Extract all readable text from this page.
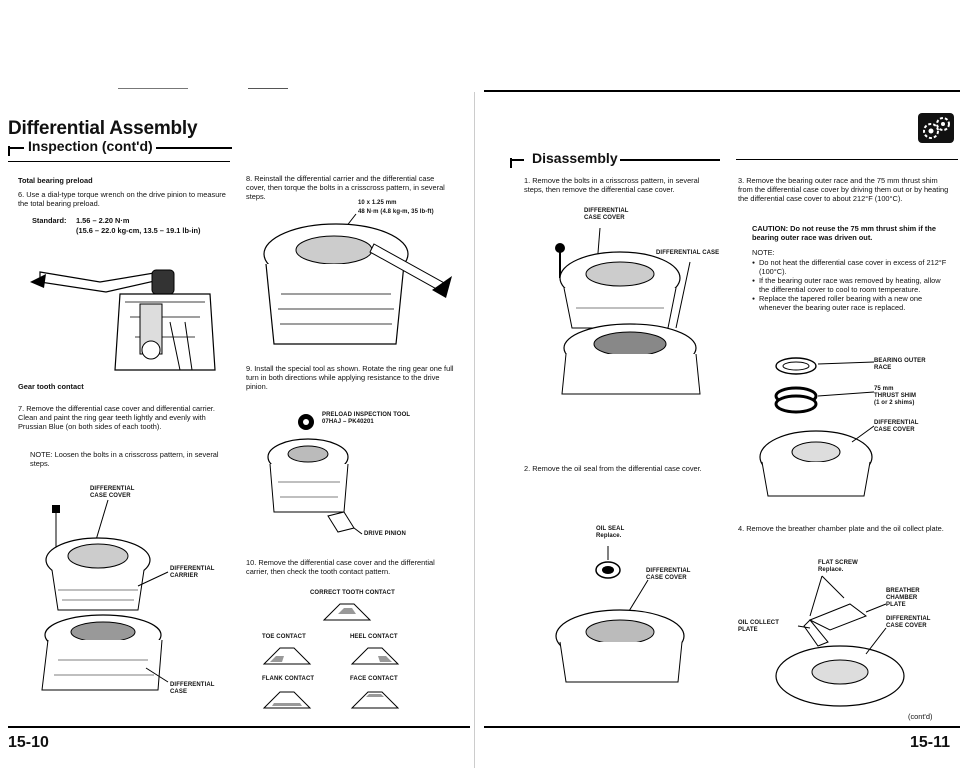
Differential Assembly
Inspection (cont'd)
Total bearing preload
6. Use a dial-type torque wrench on the drive pinion to measure the total bearing preload.
Standard: 1.56 – 2.20 N·m
(15.6 – 22.0 kg-cm, 13.5 – 19.1 lb-in)
Gear tooth contact
7. Remove the differential case cover and differential carrier. Clean and paint the ring gear teeth lightly and evenly with Prussian Blue (on both sides of each tooth).
NOTE: Loosen the bolts in a crisscross pattern, in several steps.
DIFFERENTIAL
CASE COVER
DIFFERENTIAL
CARRIER
DIFFERENTIAL
CASE
8. Reinstall the differential carrier and the differential case cover, then torque the bolts in a crisscross pattern, in several steps.
10 x 1.25 mm
48 N·m (4.8 kg-m, 35 lb-ft)
9. Install the special tool as shown. Rotate the ring gear one full turn in both directions while applying resistance to the drive pinion.
PRELOAD INSPECTION TOOL
07HAJ – PK40201
DRIVE PINION
10. Remove the differential case cover and the differential carrier, then check the tooth contact pattern.
CORRECT TOOTH CONTACT
TOE CONTACT	HEEL CONTACT
FLANK CONTACT	FACE CONTACT
15-10
Disassembly
1. Remove the bolts in a crisscross pattern, in several steps, then remove the differential case cover.
DIFFERENTIAL
CASE COVER
DIFFERENTIAL CASE
2. Remove the oil seal from the differential case cover.
OIL SEAL
Replace.
DIFFERENTIAL
CASE COVER
3. Remove the bearing outer race and the 75 mm thrust shim from the differential case cover by driving them out or by heating the differential case cover to about 212°F (100°C).
CAUTION: Do not reuse the 75 mm thrust shim if the bearing outer race was driven out.
NOTE:
● Do not heat the differential case cover in excess of 212°F (100°C).
● If the bearing outer race was removed by heating, allow the differential cover to cool to room temperature.
● Replace the tapered roller bearing with a new one whenever the bearing outer race is replaced.
BEARING OUTER
RACE
75 mm
THRUST SHIM
(1 or 2 shims)
DIFFERENTIAL
CASE COVER
4. Remove the breather chamber plate and the oil collect plate.
FLAT SCREW
Replace.
BREATHER
CHAMBER
PLATE
OIL COLLECT
PLATE
DIFFERENTIAL
CASE COVER
(cont'd)
15-11
